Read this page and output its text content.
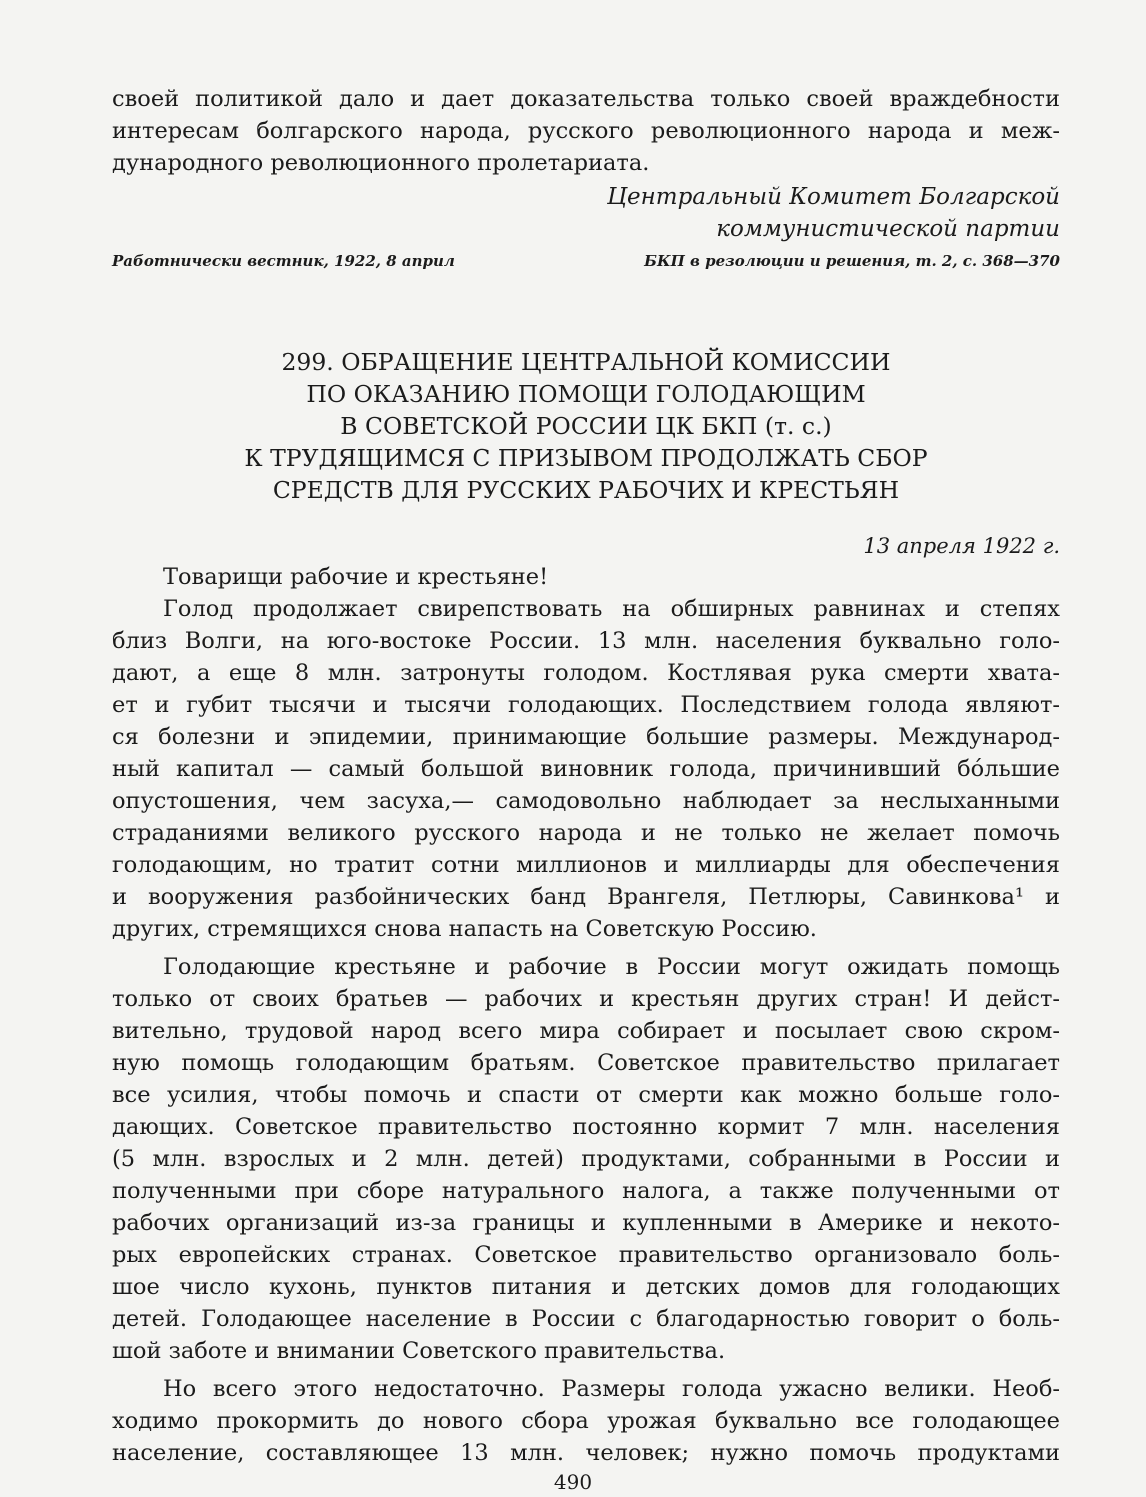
своей политикой дало и дает доказательства только своей враждебности
интересам болгарского народа, русского революционного народа и меж-
дународного революционного пролетариата.
Центральный Комитет Болгарской
коммунистической партии
Работнически вестник, 1922, 8 април	БКП в резолюции и решения, т. 2, с. 368—370
299. ОБРАЩЕНИЕ ЦЕНТРАЛЬНОЙ КОМИССИИ
ПО ОКАЗАНИЮ ПОМОЩИ ГОЛОДАЮЩИМ
В СОВЕТСКОЙ РОССИИ ЦК БКП (т. с.)
К ТРУДЯЩИМСЯ С ПРИЗЫВОМ ПРОДОЛЖАТЬ СБОР
СРЕДСТВ ДЛЯ РУССКИХ РАБОЧИХ И КРЕСТЬЯН
13 апреля 1922 г.
Товарищи рабочие и крестьяне!
Голод продолжает свирепствовать на обширных равнинах и степях
близ Волги, на юго-востоке России. 13 млн. населения буквально голо-
дают, а еще 8 млн. затронуты голодом. Костлявая рука смерти хвата-
ет и губит тысячи и тысячи голодающих. Последствием голода являют-
ся болезни и эпидемии, принимающие большие размеры. Международ-
ный капитал — самый большой виновник голода, причинивший бóльшие
опустошения, чем засуха,— самодовольно наблюдает за неслыханными
страданиями великого русского народа и не только не желает помочь
голодающим, но тратит сотни миллионов и миллиарды для обеспечения
и вооружения разбойнических банд Врангеля, Петлюры, Савинкова¹ и
других, стремящихся снова напасть на Советскую Россию.
Голодающие крестьяне и рабочие в России могут ожидать помощь
только от своих братьев — рабочих и крестьян других стран! И дейст-
вительно, трудовой народ всего мира собирает и посылает свою скром-
ную помощь голодающим братьям. Советское правительство прилагает
все усилия, чтобы помочь и спасти от смерти как можно больше голо-
дающих. Советское правительство постоянно кормит 7 млн. населения
(5 млн. взрослых и 2 млн. детей) продуктами, собранными в России и
полученными при сборе натурального налога, а также полученными от
рабочих организаций из-за границы и купленными в Америке и некото-
рых европейских странах. Советское правительство организовало боль-
шое число кухонь, пунктов питания и детских домов для голодающих
детей. Голодающее население в России с благодарностью говорит о боль-
шой заботе и внимании Советского правительства.
Но всего этого недостаточно. Размеры голода ужасно велики. Необ-
ходимо прокормить до нового сбора урожая буквально все голодающее
население, составляющее 13 млн. человек; нужно помочь продуктами
490
